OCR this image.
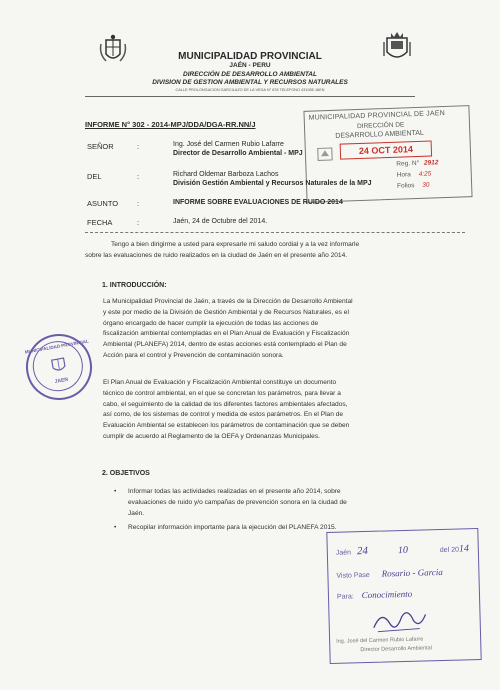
MUNICIPALIDAD PROVINCIAL
JAÉN - PERU
DIRECCIÓN DE DESARROLLO AMBIENTAL
DIVISION DE GESTION AMBIENTAL Y RECURSOS NATURALES
CALLE PROLONGACION GARCILAZO DE LA VEGA N° 878 TELEFONO 431085 JAEN
MUNICIPALIDAD PROVINCIAL DE JAEN
DIRECCIÓN DE
DESARROLLO AMBIENTAL
24 OCT 2014
Reg. N° 2912
Hora 4:25
Folios 30
INFORME N° 302 - 2014-MPJ/DDA/DGA-RR.NN/J
SEÑOR	:	Ing. José del Carmen Rubio Lafarre
Director de Desarrollo Ambiental - MPJ
DEL	:	Richard Oldemar Barboza Lachos
División Gestión Ambiental y Recursos Naturales de la MPJ
ASUNTO	:	INFORME SOBRE EVALUACIONES DE RUIDO 2014
FECHA	:	Jaén, 24 de Octubre del 2014.
Tengo a bien dirigirme a usted para expresarle mi saludo cordial y a la vez informarle
sobre las evaluaciones de ruido realizados en la ciudad de Jaén en el presente año 2014.
1. INTRODUCCIÓN:
La Municipalidad Provincial de Jaén, a través de la Dirección de Desarrollo Ambiental
y este por medio de la División de Gestión Ambiental y de Recursos Naturales, es el
órgano encargado de hacer cumplir la ejecución de todas las acciones de
fiscalización ambiental contempladas en el Plan Anual de Evaluación y Fiscalización
Ambiental (PLANEFA) 2014, dentro de estas acciones está contemplado el Plan de
Acción para el control y Prevención de contaminación sonora.
El Plan Anual de Evaluación y Fiscalización Ambiental constituye un documento
técnico de control ambiental, en el que se concretan los parámetros, para llevar a
cabo, el seguimiento de la calidad de los diferentes factores ambientales afectados,
así como, de los sistemas de control y medida de estos parámetros. En el Plan de
Evaluación Ambiental se establecen los parámetros de contaminación que se deben
cumplir de acuerdo al Reglamento de la OEFA y Ordenanzas Municipales.
MUNICIPALIDAD PROVINCIAL
JAEN
2. OBJETIVOS
• Informar todas las actividades realizadas en el presente año 2014, sobre
evaluaciones de ruido y/o campañas de prevención sonora en la ciudad de
Jaén.
• Recopilar información importante para la ejecución del PLANEFA 2015.
Jaén 24	10	del 2014
Visto Pase Rosario - Garcia
Para: Conocimiento
Ing. José del Carmen Rubio Lafarre
Director Desarrollo Ambiental
